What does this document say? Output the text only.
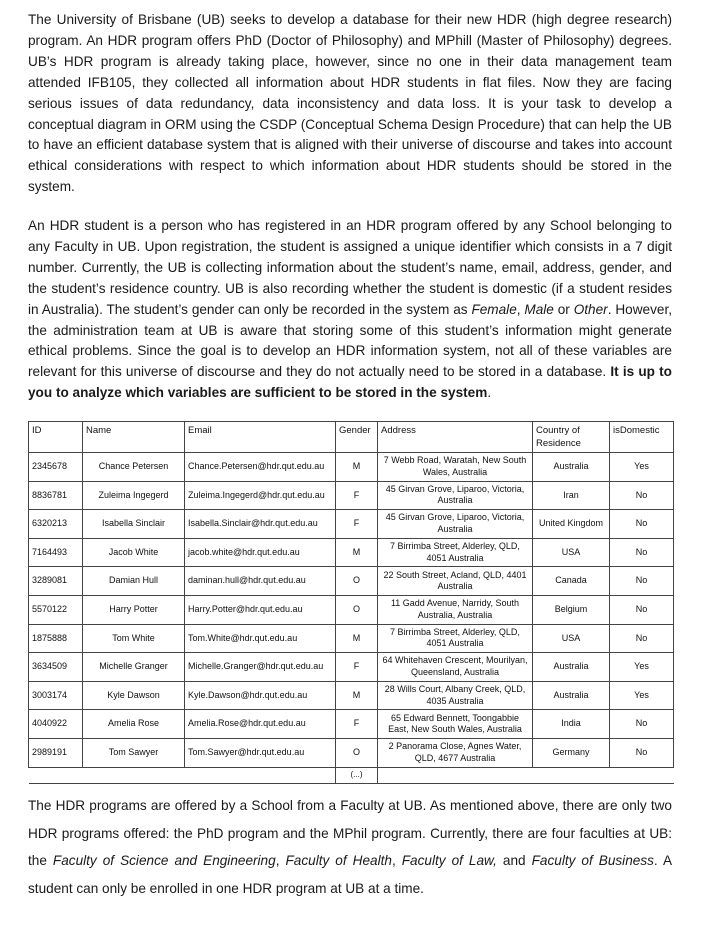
The University of Brisbane (UB) seeks to develop a database for their new HDR (high degree research) program. An HDR program offers PhD (Doctor of Philosophy) and MPhill (Master of Philosophy) degrees. UB’s HDR program is already taking place, however, since no one in their data management team attended IFB105, they collected all information about HDR students in flat files. Now they are facing serious issues of data redundancy, data inconsistency and data loss. It is your task to develop a conceptual diagram in ORM using the CSDP (Conceptual Schema Design Procedure) that can help the UB to have an efficient database system that is aligned with their universe of discourse and takes into account ethical considerations with respect to which information about HDR students should be stored in the system.

An HDR student is a person who has registered in an HDR program offered by any School belonging to any Faculty in UB. Upon registration, the student is assigned a unique identifier which consists in a 7 digit number. Currently, the UB is collecting information about the student’s name, email, address, gender, and the student’s residence country. UB is also recording whether the student is domestic (if a student resides in Australia). The student’s gender can only be recorded in the system as Female, Male or Other. However, the administration team at UB is aware that storing some of this student’s information might generate ethical problems. Since the goal is to develop an HDR information system, not all of these variables are relevant for this universe of discourse and they do not actually need to be stored in a database. It is up to you to analyze which variables are sufficient to be stored in the system.

ID	Name	Email	Gender	Address	Country of Residence	isDomestic
2345678	Chance Petersen	Chance.Petersen@hdr.qut.edu.au	M	7 Webb Road, Waratah, New South Wales, Australia	Australia	Yes
8836781	Zuleima Ingegerd	Zuleima.Ingegerd@hdr.qut.edu.au	F	45 Girvan Grove, Liparoo, Victoria, Australia	Iran	No
6320213	Isabella Sinclair	Isabella.Sinclair@hdr.qut.edu.au	F	45 Girvan Grove, Liparoo, Victoria, Australia	United Kingdom	No
7164493	Jacob White	jacob.white@hdr.qut.edu.au	M	7 Birrimba Street, Alderley, QLD, 4051 Australia	USA	No
3289081	Damian Hull	daminan.hull@hdr.qut.edu.au	O	22 South Street, Acland, QLD, 4401 Australia	Canada	No
5570122	Harry Potter	Harry.Potter@hdr.qut.edu.au	O	11 Gadd Avenue, Narridy, South Australia, Australia	Belgium	No
1875888	Tom White	Tom.White@hdr.qut.edu.au	M	7 Birrimba Street, Alderley, QLD, 4051 Australia	USA	No
3634509	Michelle Granger	Michelle.Granger@hdr.qut.edu.au	F	64 Whitehaven Crescent, Mourilyan, Queensland, Australia	Australia	Yes
3003174	Kyle Dawson	Kyle.Dawson@hdr.qut.edu.au	M	28 Wills Court, Albany Creek, QLD, 4035 Australia	Australia	Yes
4040922	Amelia Rose	Amelia.Rose@hdr.qut.edu.au	F	65 Edward Bennett, Toongabbie East, New South Wales, Australia	India	No
2989191	Tom Sawyer	Tom.Sawyer@hdr.qut.edu.au	O	2 Panorama Close, Agnes Water, QLD, 4677 Australia	Germany	No
			(...)			

The HDR programs are offered by a School from a Faculty at UB. As mentioned above, there are only two HDR programs offered: the PhD program and the MPhil program. Currently, there are four faculties at UB: the Faculty of Science and Engineering, Faculty of Health, Faculty of Law, and Faculty of Business. A student can only be enrolled in one HDR program at UB at a time.
